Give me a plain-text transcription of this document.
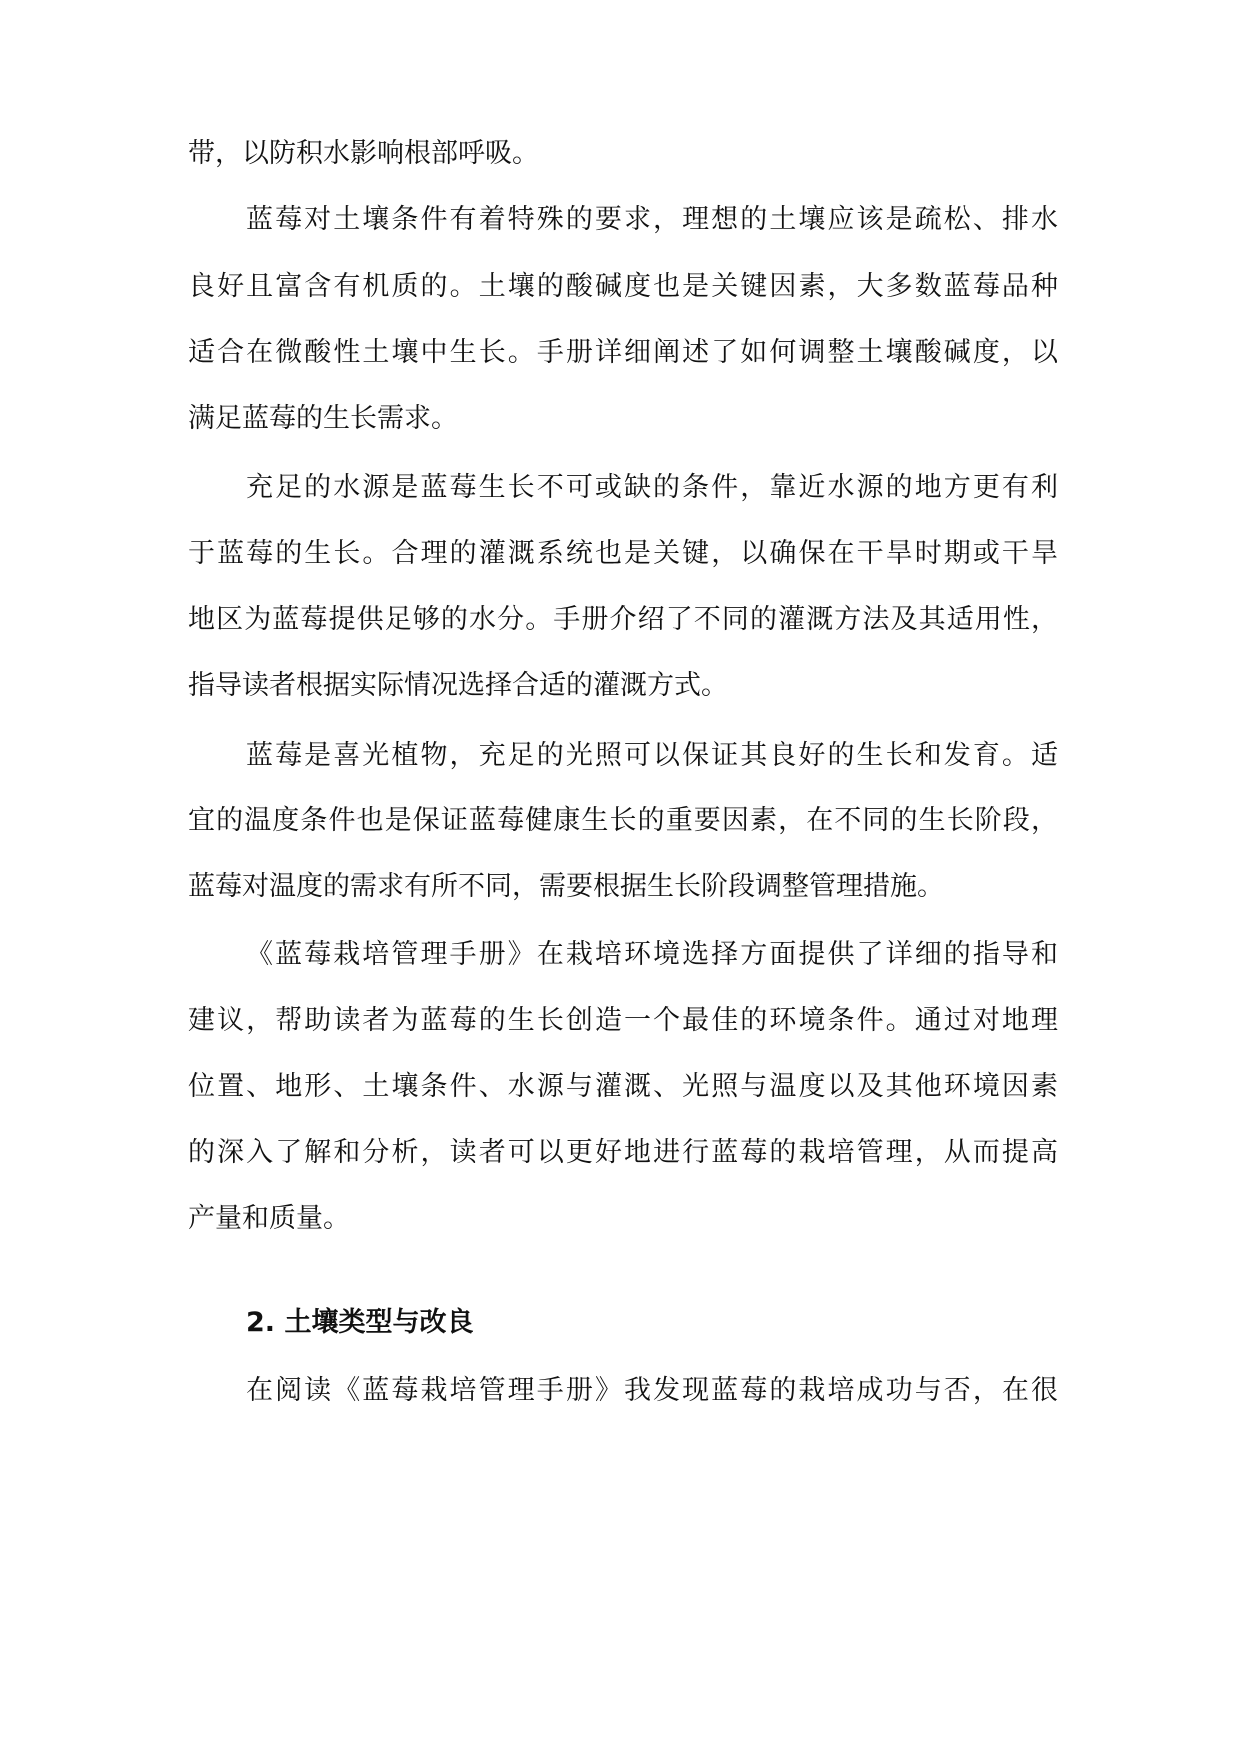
带，以防积水影响根部呼吸。
蓝莓对土壤条件有着特殊的要求，理想的土壤应该是疏松、排水
良好且富含有机质的。土壤的酸碱度也是关键因素，大多数蓝莓品种
适合在微酸性土壤中生长。手册详细阐述了如何调整土壤酸碱度，以
满足蓝莓的生长需求。
充足的水源是蓝莓生长不可或缺的条件，靠近水源的地方更有利
于蓝莓的生长。合理的灌溉系统也是关键，以确保在干旱时期或干旱
地区为蓝莓提供足够的水分。手册介绍了不同的灌溉方法及其适用性，
指导读者根据实际情况选择合适的灌溉方式。
蓝莓是喜光植物，充足的光照可以保证其良好的生长和发育。适
宜的温度条件也是保证蓝莓健康生长的重要因素，在不同的生长阶段，
蓝莓对温度的需求有所不同，需要根据生长阶段调整管理措施。
《蓝莓栽培管理手册》在栽培环境选择方面提供了详细的指导和
建议，帮助读者为蓝莓的生长创造一个最佳的环境条件。通过对地理
位置、地形、土壤条件、水源与灌溉、光照与温度以及其他环境因素
的深入了解和分析，读者可以更好地进行蓝莓的栽培管理，从而提高
产量和质量。
2. 土壤类型与改良
在阅读《蓝莓栽培管理手册》我发现蓝莓的栽培成功与否，在很
